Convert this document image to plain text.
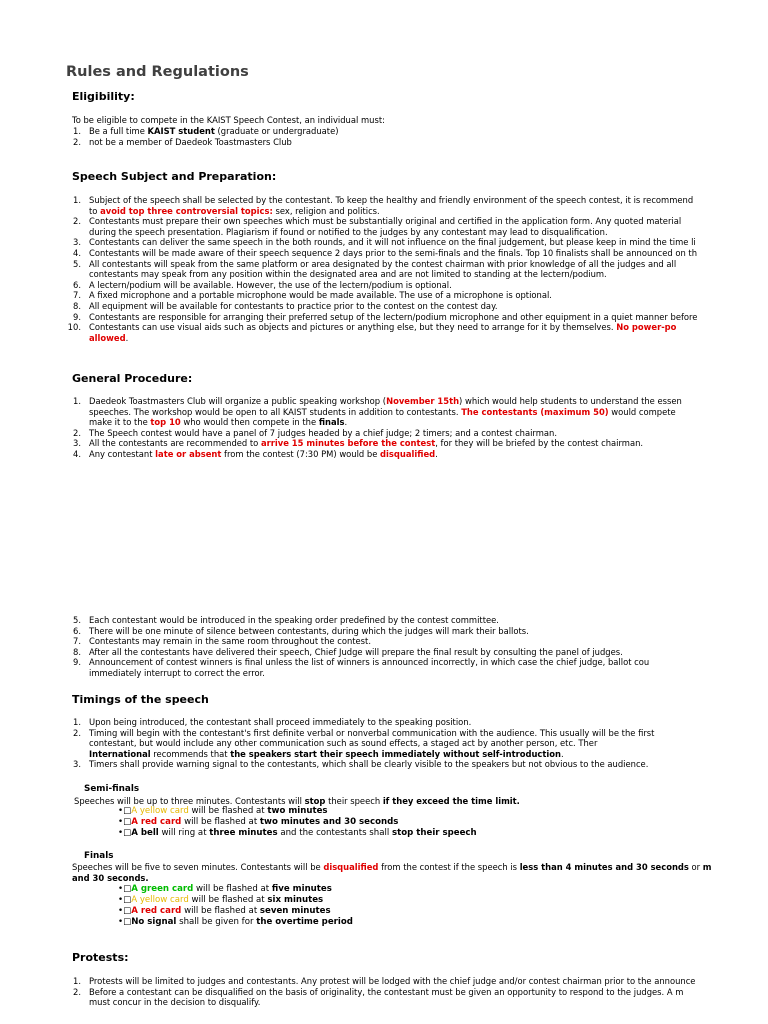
Rules and Regulations
Eligibility:
To be eligible to compete in the KAIST Speech Contest, an individual must:
1. Be a full time KAIST student (graduate or undergraduate)
2. not be a member of Daedeok Toastmasters Club
Speech Subject and Preparation:
1. Subject of the speech shall be selected by the contestant. To keep the healthy and friendly environment of the speech contest, it is recommend
to avoid top three controversial topics: sex, religion and politics.
2. Contestants must prepare their own speeches which must be substantially original and certified in the application form. Any quoted material
during the speech presentation. Plagiarism if found or notified to the judges by any contestant may lead to disqualification.
3. Contestants can deliver the same speech in the both rounds, and it will not influence on the final judgement, but please keep in mind the time li
4. Contestants will be made aware of their speech sequence 2 days prior to the semi-finals and the finals. Top 10 finalists shall be announced on th
5. All contestants will speak from the same platform or area designated by the contest chairman with prior knowledge of all the judges and all
contestants may speak from any position within the designated area and are not limited to standing at the lectern/podium.
6. A lectern/podium will be available. However, the use of the lectern/podium is optional.
7. A fixed microphone and a portable microphone would be made available. The use of a microphone is optional.
8. All equipment will be available for contestants to practice prior to the contest on the contest day.
9. Contestants are responsible for arranging their preferred setup of the lectern/podium microphone and other equipment in a quiet manner before
10. Contestants can use visual aids such as objects and pictures or anything else, but they need to arrange for it by themselves. No power-po
allowed.
General Procedure:
1. Daedeok Toastmasters Club will organize a public speaking workshop (November 15th) which would help students to understand the essen
speeches. The workshop would be open to all KAIST students in addition to contestants. The contestants (maximum 50) would compete
make it to the top 10 who would then compete in the finals.
2. The Speech contest would have a panel of 7 judges headed by a chief judge; 2 timers; and a contest chairman.
3. All the contestants are recommended to arrive 15 minutes before the contest, for they will be briefed by the contest chairman.
4. Any contestant late or absent from the contest (7:30 PM) would be disqualified.
5. Each contestant would be introduced in the speaking order predefined by the contest committee.
6. There will be one minute of silence between contestants, during which the judges will mark their ballots.
7. Contestants may remain in the same room throughout the contest.
8. After all the contestants have delivered their speech, Chief Judge will prepare the final result by consulting the panel of judges.
9. Announcement of contest winners is final unless the list of winners is announced incorrectly, in which case the chief judge, ballot cou
immediately interrupt to correct the error.
Timings of the speech
1. Upon being introduced, the contestant shall proceed immediately to the speaking position.
2. Timing will begin with the contestant's first definite verbal or nonverbal communication with the audience. This usually will be the first
contestant, but would include any other communication such as sound effects, a staged act by another person, etc. Ther
International recommends that the speakers start their speech immediately without self-introduction.
3. Timers shall provide warning signal to the contestants, which shall be clearly visible to the speakers but not obvious to the audience.
Semi-finals
Speeches will be up to three minutes. Contestants will stop their speech if they exceed the time limit.
•□A yellow card will be flashed at two minutes
•□A red card will be flashed at two minutes and 30 seconds
•□A bell will ring at three minutes and the contestants shall stop their speech
Finals
Speeches will be five to seven minutes. Contestants will be disqualified from the contest if the speech is less than 4 minutes and 30 seconds or m
and 30 seconds.
•□A green card will be flashed at five minutes
•□A yellow card will be flashed at six minutes
•□A red card will be flashed at seven minutes
•□No signal shall be given for the overtime period
Protests:
1. Protests will be limited to judges and contestants. Any protest will be lodged with the chief judge and/or contest chairman prior to the announce
2. Before a contestant can be disqualified on the basis of originality, the contestant must be given an opportunity to respond to the judges. A m
must concur in the decision to disqualify.
